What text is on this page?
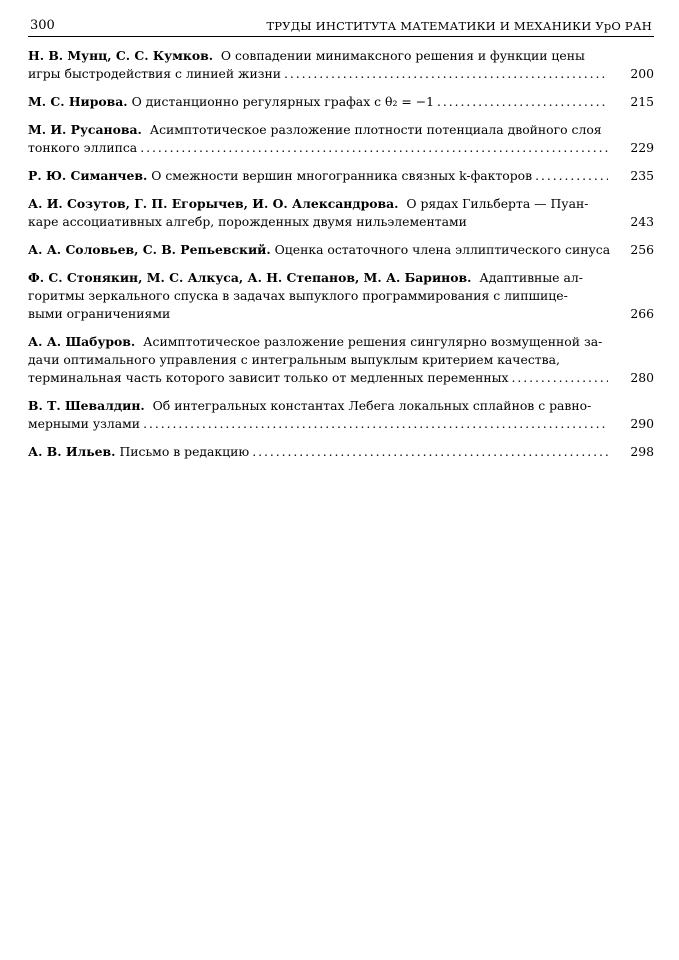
300	ТРУДЫ ИНСТИТУТА МАТЕМАТИКИ И МЕХАНИКИ УрО РАН
Н. В. Мунц, С. С. Кумков. О совпадении минимаксного решения и функции цены
игры быстродействия с линией жизни . . .	200
М. С. Нирова.
О дистанционно регулярных графах с θ₂ = −1 . . .	215
М. И. Русанова. Асимптотическое разложение плотности потенциала двойного слоя
тонкого эллипса . . .	229
Р. Ю. Симанчев.
О смежности вершин многогранника связных k-факторов . . .	235
А. И. Созутов, Г. П. Егорычев, И. О. Александрова. О рядах Гильберта — Пуан-
каре ассоциативных алгебр, порожденных двумя нильэлементами	243
А. А. Соловьев, С. В. Репьевский.
Оценка остаточного члена эллиптического синуса	256
Ф. С. Стонякин, М. С. Алкуса, А. Н. Степанов, М. А. Баринов. Адаптивные ал-
горитмы зеркального спуска в задачах выпуклого программирования с липшице-
выми ограничениями	266
А. А. Шабуров. Асимптотическое разложение решения сингулярно возмущенной за-
дачи оптимального управления с интегральным выпуклым критерием качества,
терминальная часть которого зависит только от медленных переменных . . .	280
В. Т. Шевалдин. Об интегральных константах Лебега локальных сплайнов с равно-
мерными узлами . . .	290
А. В. Ильев.
Письмо в редакцию . . .	298
